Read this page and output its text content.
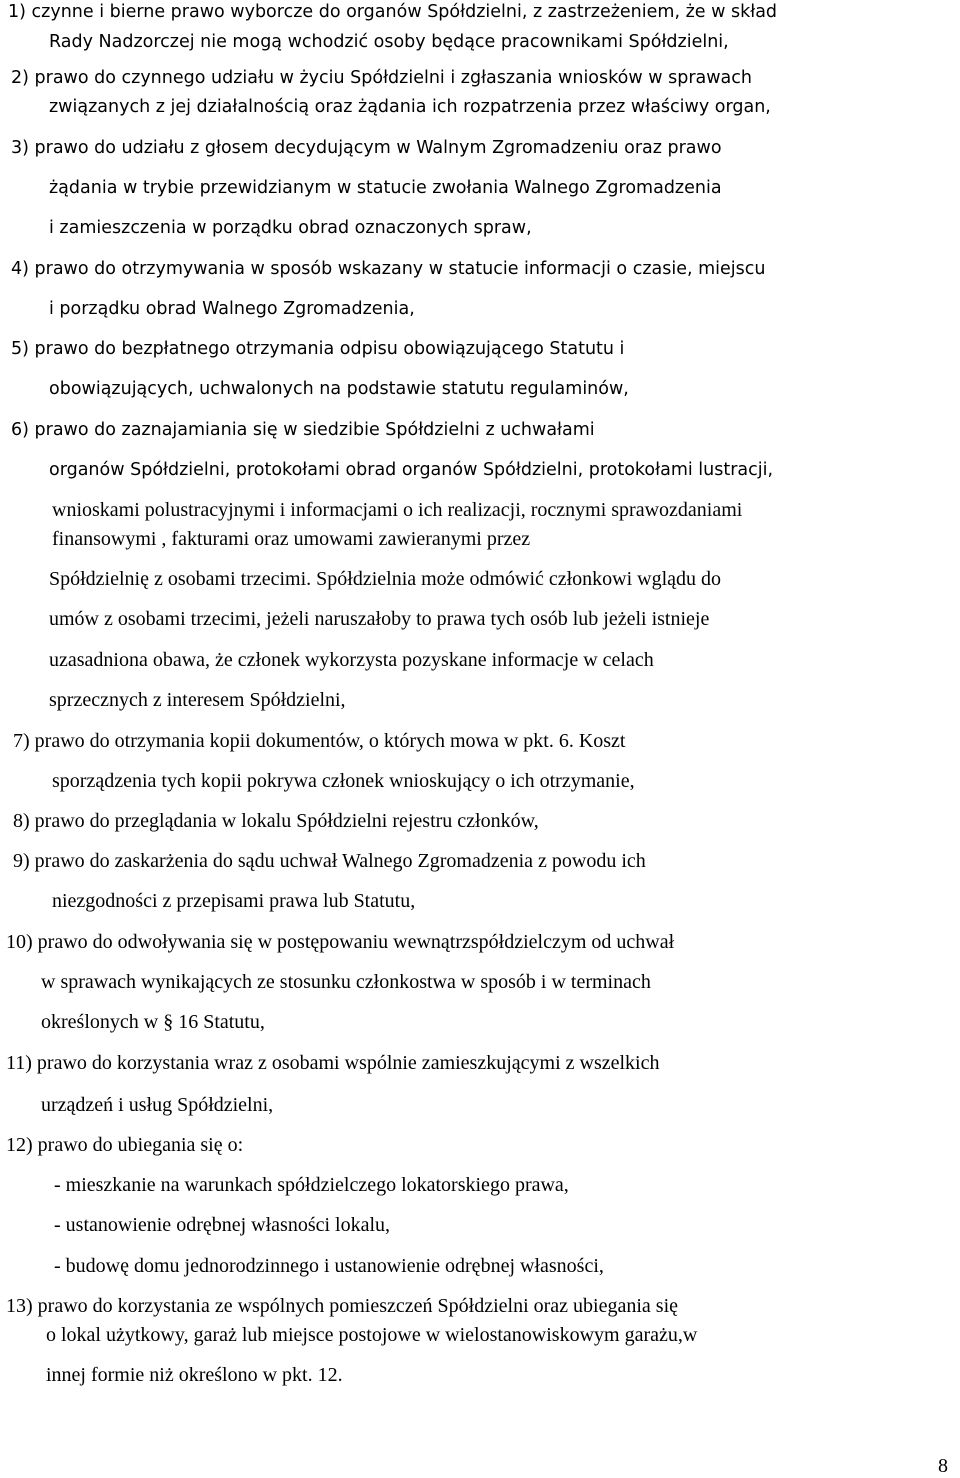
1) czynne i bierne prawo wyborcze do organów Spółdzielni, z zastrzeżeniem, że w skład
Rady Nadzorczej nie mogą wchodzić osoby będące pracownikami Spółdzielni,
2) prawo do czynnego udziału w życiu Spółdzielni i zgłaszania wniosków w sprawach
związanych z jej działalnością oraz żądania ich rozpatrzenia przez właściwy organ,
3) prawo do udziału z głosem decydującym w Walnym Zgromadzeniu oraz prawo
żądania w trybie przewidzianym w statucie zwołania Walnego Zgromadzenia
i zamieszczenia w porządku obrad oznaczonych spraw,
4) prawo do otrzymywania w sposób wskazany w statucie informacji o czasie, miejscu
i porządku obrad Walnego Zgromadzenia,
5) prawo do bezpłatnego otrzymania odpisu obowiązującego Statutu i
obowiązujących, uchwalonych na podstawie statutu regulaminów,
6) prawo do zaznajamiania się w siedzibie Spółdzielni z uchwałami
organów Spółdzielni, protokołami obrad organów Spółdzielni, protokołami lustracji,
wnioskami polustracyjnymi i informacjami o ich realizacji, rocznymi sprawozdaniami
finansowymi , fakturami oraz umowami zawieranymi przez
Spółdzielnię z osobami trzecimi. Spółdzielnia może odmówić członkowi wglądu do
umów z osobami trzecimi, jeżeli naruszałoby to prawa tych osób lub jeżeli istnieje
uzasadniona obawa, że członek wykorzysta pozyskane informacje w celach
sprzecznych z interesem Spółdzielni,
7) prawo do otrzymania kopii dokumentów, o których mowa w pkt. 6. Koszt
sporządzenia tych kopii pokrywa członek wnioskujący o ich otrzymanie,
8) prawo do przeglądania w lokalu Spółdzielni rejestru członków,
9) prawo do zaskarżenia do sądu uchwał Walnego Zgromadzenia z powodu ich
niezgodności z przepisami prawa lub Statutu,
10) prawo do odwoływania się w postępowaniu wewnątrzspółdzielczym od uchwał
w sprawach wynikających ze stosunku członkostwa w sposób i w terminach
określonych w § 16 Statutu,
11) prawo do korzystania wraz z osobami wspólnie zamieszkującymi z wszelkich
urządzeń i usług Spółdzielni,
12) prawo do ubiegania się o:
- mieszkanie na warunkach spółdzielczego lokatorskiego prawa,
- ustanowienie odrębnej własności lokalu,
- budowę domu jednorodzinnego i ustanowienie odrębnej własności,
13) prawo do korzystania ze wspólnych pomieszczeń Spółdzielni oraz ubiegania się
o lokal użytkowy, garaż lub miejsce postojowe w wielostanowiskowym garażu,w
innej formie niż określono w pkt. 12.
8
